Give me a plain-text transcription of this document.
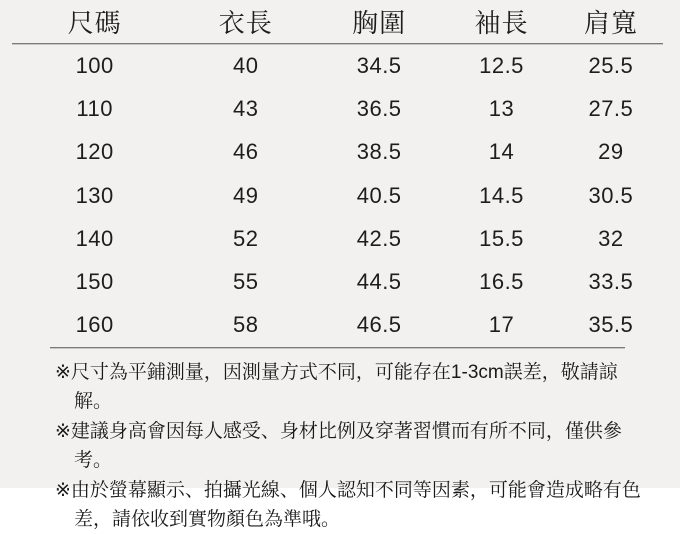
尺碼	衣長	胸圍	袖長	肩寬
100	40	34.5	12.5	25.5
110	43	36.5	13	27.5
120	46	38.5	14	29
130	49	40.5	14.5	30.5
140	52	42.5	15.5	32
150	55	44.5	16.5	33.5
160	58	46.5	17	35.5

※尺寸為平鋪測量，因測量方式不同，可能存在1-3cm誤差，敬請諒解。

※建議身高會因每人感受、身材比例及穿著習慣而有所不同，僅供參考。

※由於螢幕顯示、拍攝光線、個人認知不同等因素，可能會造成略有色差，請依收到實物顏色為準哦。
